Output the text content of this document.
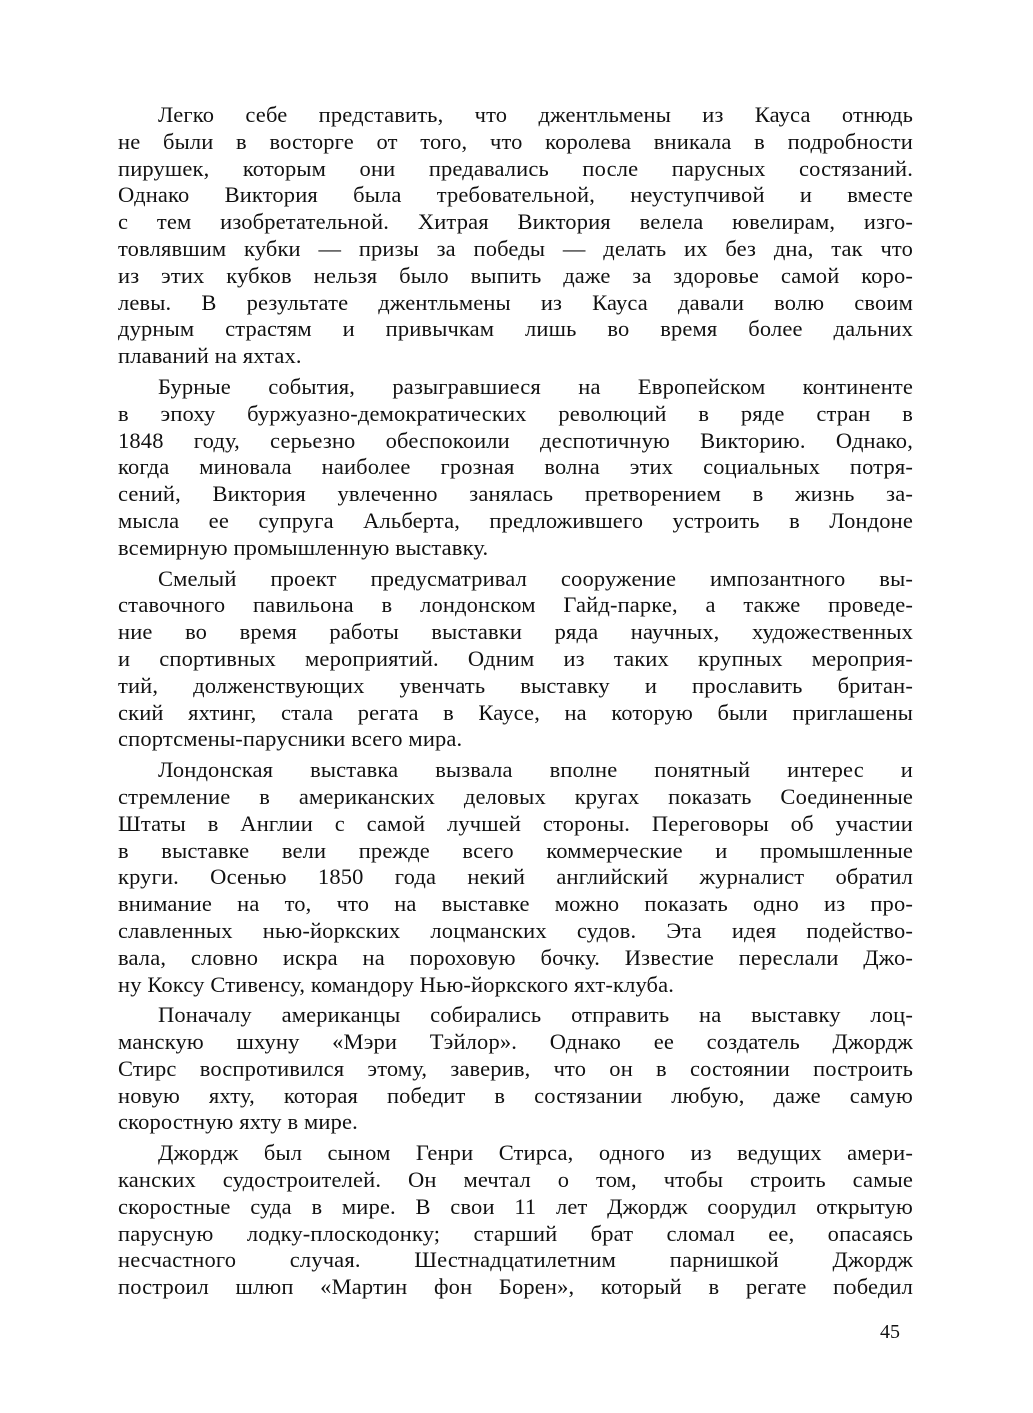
Легко себе представить, что джентльмены из Кауса отнюдь
не были в восторге от того, что королева вникала в подробности
пирушек, которым они предавались после парусных состязаний.
Однако Виктория была требовательной, неуступчивой и вместе
с тем изобретательной. Хитрая Виктория велела ювелирам, изго-
товлявшим кубки — призы за победы — делать их без дна, так что
из этих кубков нельзя было выпить даже за здоровье самой коро-
левы. В результате джентльмены из Кауса давали волю своим
дурным страстям и привычкам лишь во время более дальних
плаваний на яхтах.
Бурные события, разыгравшиеся на Европейском континенте
в эпоху буржуазно-демократических революций в ряде стран в
1848 году, серьезно обеспокоили деспотичную Викторию. Однако,
когда миновала наиболее грозная волна этих социальных потря-
сений, Виктория увлеченно занялась претворением в жизнь за-
мысла ее супруга Альберта, предложившего устроить в Лондоне
всемирную промышленную выставку.
Смелый проект предусматривал сооружение импозантного вы-
ставочного павильона в лондонском Гайд-парке, а также проведе-
ние во время работы выставки ряда научных, художественных
и спортивных мероприятий. Одним из таких крупных мероприя-
тий, долженствующих увенчать выставку и прославить британ-
ский яхтинг, стала регата в Каусе, на которую были приглашены
спортсмены-парусники всего мира.
Лондонская выставка вызвала вполне понятный интерес и
стремление в американских деловых кругах показать Соединенные
Штаты в Англии с самой лучшей стороны. Переговоры об участии
в выставке вели прежде всего коммерческие и промышленные
круги. Осенью 1850 года некий английский журналист обратил
внимание на то, что на выставке можно показать одно из про-
славленных нью-йоркских лоцманских судов. Эта идея подейство-
вала, словно искра на пороховую бочку. Известие переслали Джо-
ну Коксу Стивенсу, командору Нью-йоркского яхт-клуба.
Поначалу американцы собирались отправить на выставку лоц-
манскую шхуну «Мэри Тэйлор». Однако ее создатель Джордж
Стирс воспротивился этому, заверив, что он в состоянии построить
новую яхту, которая победит в состязании любую, даже самую
скоростную яхту в мире.
Джордж был сыном Генри Стирса, одного из ведущих амери-
канских судостроителей. Он мечтал о том, чтобы строить самые
скоростные суда в мире. В свои 11 лет Джордж соорудил открытую
парусную лодку-плоскодонку; старший брат сломал ее, опасаясь
несчастного случая. Шестнадцатилетним парнишкой Джордж
построил шлюп «Мартин фон Борен», который в регате победил
45
